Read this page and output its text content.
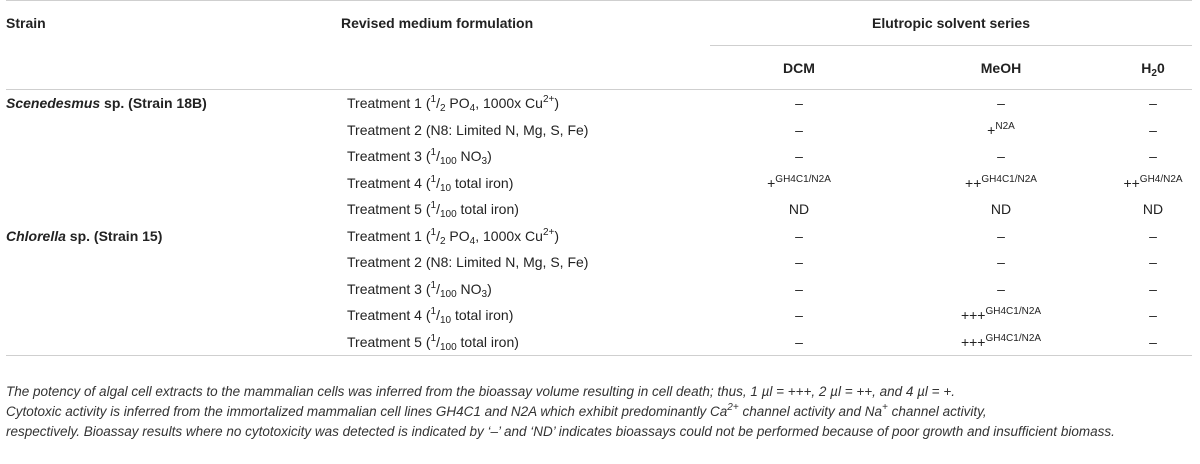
Strain	Revised medium formulation	Elutropic solvent series		
		DCM	MeOH	$H_20$
Scenedesmus sp. (Strain 18B)	Treatment 1 ($^1/_2$ $PO_4$, 1000x $Cu^{2+}$)	–	–	–
	Treatment 2 (N8: Limited N, Mg, S, Fe)	–	+$^{N2A}$	–
	Treatment 3 ($^1/_{100}$ $NO_3$)	–	–	–
	Treatment 4 ($^1/_{10}$ total iron)	+$^{GH4C1/N2A}$	++$^{GH4C1/N2A}$	++$^{GH4/N2A}$
	Treatment 5 ($^1/_{100}$ total iron)	ND	ND	ND
Chlorella sp. (Strain 15)	Treatment 1 ($^1/_2$ $PO_4$, 1000x $Cu^{2+}$)	–	–	–
	Treatment 2 (N8: Limited N, Mg, S, Fe)	–	–	–
	Treatment 3 ($^1/_{100}$ $NO_3$)	–	–	–
	Treatment 4 ($^1/_{10}$ total iron)	–	+++$^{GH4C1/N2A}$	–
	Treatment 5 ($^1/_{100}$ total iron)	–	+++$^{GH4C1/N2A}$	–
The potency of algal cell extracts to the mammalian cells was inferred from the bioassay volume resulting in cell death; thus, 1 µl = +++, 2 µl = ++, and 4 µl = +.
Cytotoxic activity is inferred from the immortalized mammalian cell lines GH4C1 and N2A which exhibit predominantly $Ca^{2+}$ channel activity and Na+ channel activity,
respectively. Bioassay results where no cytotoxicity was detected is indicated by ‘–’ and ‘ND’ indicates bioassays could not be performed because of poor growth and insufficient biomass.
